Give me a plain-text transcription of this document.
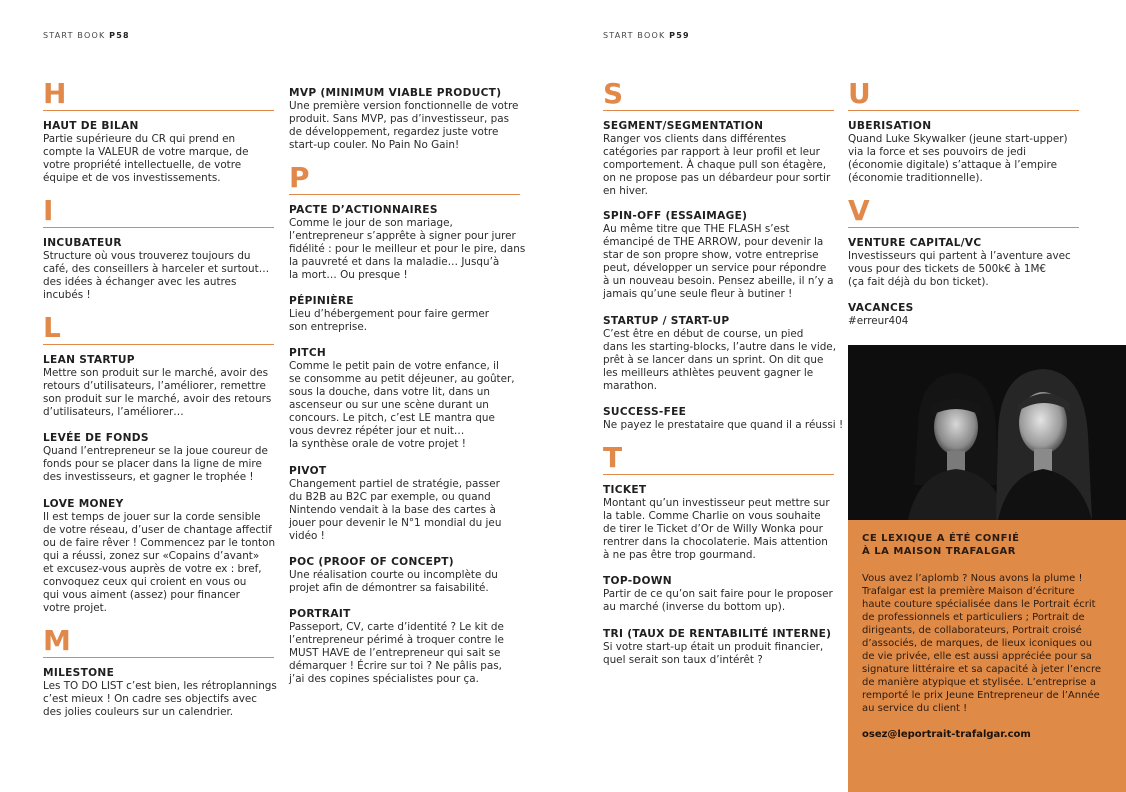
START BOOK P58	START BOOK P59
H
HAUT DE BILAN
Partie supérieure du CR qui prend en
compte la VALEUR de votre marque, de
votre propriété intellectuelle, de votre
équipe et de vos investissements.
I
INCUBATEUR
Structure où vous trouverez toujours du
café, des conseillers à harceler et surtout…
des idées à échanger avec les autres
incubés !
L
LEAN STARTUP
Mettre son produit sur le marché, avoir des
retours d’utilisateurs, l’améliorer, remettre
son produit sur le marché, avoir des retours
d’utilisateurs, l’améliorer…
LEVÉE DE FONDS
Quand l’entrepreneur se la joue coureur de
fonds pour se placer dans la ligne de mire
des investisseurs, et gagner le trophée !
LOVE MONEY
Il est temps de jouer sur la corde sensible
de votre réseau, d’user de chantage affectif
ou de faire rêver ! Commencez par le tonton
qui a réussi, zonez sur «Copains d’avant»
et excusez-vous auprès de votre ex : bref,
convoquez ceux qui croient en vous ou
qui vous aiment (assez) pour financer
votre projet.
M
MILESTONE
Les TO DO LIST c’est bien, les rétroplannings
c’est mieux ! On cadre ses objectifs avec
des jolies couleurs sur un calendrier.
MVP (MINIMUM VIABLE PRODUCT)
Une première version fonctionnelle de votre
produit. Sans MVP, pas d’investisseur, pas
de développement, regardez juste votre
start-up couler. No Pain No Gain!
P
PACTE D’ACTIONNAIRES
Comme le jour de son mariage,
l’entrepreneur s’apprête à signer pour jurer
fidélité : pour le meilleur et pour le pire, dans
la pauvreté et dans la maladie… Jusqu’à
la mort… Ou presque !
PÉPINIÈRE
Lieu d’hébergement pour faire germer
son entreprise.
PITCH
Comme le petit pain de votre enfance, il
se consomme au petit déjeuner, au goûter,
sous la douche, dans votre lit, dans un
ascenseur ou sur une scène durant un
concours. Le pitch, c’est LE mantra que
vous devrez répéter jour et nuit…
la synthèse orale de votre projet !
PIVOT
Changement partiel de stratégie, passer
du B2B au B2C par exemple, ou quand
Nintendo vendait à la base des cartes à
jouer pour devenir le N°1 mondial du jeu
vidéo !
POC (PROOF OF CONCEPT)
Une réalisation courte ou incomplète du
projet afin de démontrer sa faisabilité.
PORTRAIT
Passeport, CV, carte d’identité ? Le kit de
l’entrepreneur périmé à troquer contre le
MUST HAVE de l’entrepreneur qui sait se
démarquer ! Écrire sur toi ? Ne pâlis pas,
j’ai des copines spécialistes pour ça.
S
SEGMENT/SEGMENTATION
Ranger vos clients dans différentes
catégories par rapport à leur profil et leur
comportement. À chaque pull son étagère,
on ne propose pas un débardeur pour sortir
en hiver.
SPIN-OFF (ESSAIMAGE)
Au même titre que THE FLASH s’est
émancipé de THE ARROW, pour devenir la
star de son propre show, votre entreprise
peut, développer un service pour répondre
à un nouveau besoin. Pensez abeille, il n’y a
jamais qu’une seule fleur à butiner !
STARTUP / START-UP
C’est être en début de course, un pied
dans les starting-blocks, l’autre dans le vide,
prêt à se lancer dans un sprint. On dit que
les meilleurs athlètes peuvent gagner le
marathon.
SUCCESS-FEE
Ne payez le prestataire que quand il a réussi !
T
TICKET
Montant qu’un investisseur peut mettre sur
la table. Comme Charlie on vous souhaite
de tirer le Ticket d’Or de Willy Wonka pour
rentrer dans la chocolaterie. Mais attention
à ne pas être trop gourmand.
TOP-DOWN
Partir de ce qu’on sait faire pour le proposer
au marché (inverse du bottom up).
TRI (TAUX DE RENTABILITÉ INTERNE)
Si votre start-up était un produit financier,
quel serait son taux d’intérêt ?
U
UBERISATION
Quand Luke Skywalker (jeune start-upper)
via la force et ses pouvoirs de jedi
(économie digitale) s’attaque à l’empire
(économie traditionnelle).
V
VENTURE CAPITAL/VC
Investisseurs qui partent à l’aventure avec
vous pour des tickets de 500k€ à 1M€
(ça fait déjà du bon ticket).
VACANCES
#erreur404
CE LEXIQUE A ÉTÉ CONFIÉ
À LA MAISON TRAFALGAR
Vous avez l’aplomb ? Nous avons la plume !
Trafalgar est la première Maison d’écriture
haute couture spécialisée dans le Portrait écrit
de professionnels et particuliers ; Portrait de
dirigeants, de collaborateurs, Portrait croisé
d’associés, de marques, de lieux iconiques ou
de vie privée, elle est aussi appréciée pour sa
signature littéraire et sa capacité à jeter l’encre
de manière atypique et stylisée. L’entreprise a
remporté le prix Jeune Entrepreneur de l’Année
au service du client !
osez@leportrait-trafalgar.com
